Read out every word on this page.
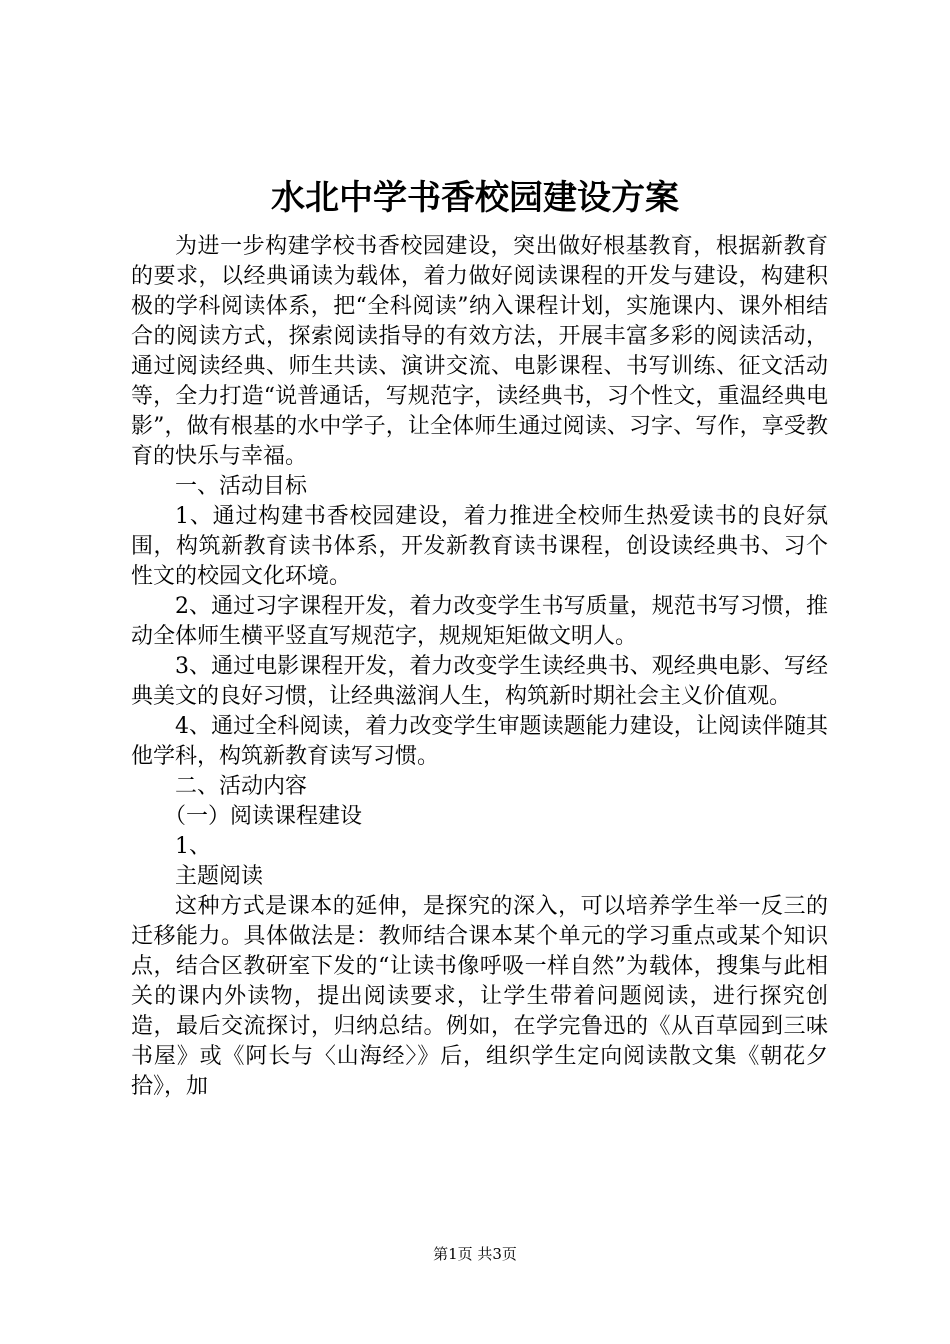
水北中学书香校园建设方案

为进一步构建学校书香校园建设，突出做好根基教育，根据新教育的要求，以经典诵读为载体，着力做好阅读课程的开发与建设，构建积极的学科阅读体系，把“全科阅读”纳入课程计划，实施课内、课外相结合的阅读方式，探索阅读指导的有效方法，开展丰富多彩的阅读活动，通过阅读经典、师生共读、演讲交流、电影课程、书写训练、征文活动等，全力打造“说普通话，写规范字，读经典书，习个性文，重温经典电影”，做有根基的水中学子，让全体师生通过阅读、习字、写作，享受教育的快乐与幸福。

一、活动目标

1、通过构建书香校园建设，着力推进全校师生热爱读书的良好氛围，构筑新教育读书体系，开发新教育读书课程，创设读经典书、习个性文的校园文化环境。

2、通过习字课程开发，着力改变学生书写质量，规范书写习惯，推动全体师生横平竖直写规范字，规规矩矩做文明人。

3、通过电影课程开发，着力改变学生读经典书、观经典电影、写经典美文的良好习惯，让经典滋润人生，构筑新时期社会主义价值观。

4、通过全科阅读，着力改变学生审题读题能力建设，让阅读伴随其他学科，构筑新教育读写习惯。

二、活动内容

（一）阅读课程建设

1、

主题阅读

这种方式是课本的延伸，是探究的深入，可以培养学生举一反三的迁移能力。具体做法是：教师结合课本某个单元的学习重点或某个知识点，结合区教研室下发的“让读书像呼吸一样自然”为载体，搜集与此相关的课内外读物，提出阅读要求，让学生带着问题阅读，进行探究创造，最后交流探讨，归纳总结。例如，在学完鲁迅的《从百草园到三味书屋》或《阿长与〈山海经〉》后，组织学生定向阅读散文集《朝花夕拾》，加

第1页 共3页
